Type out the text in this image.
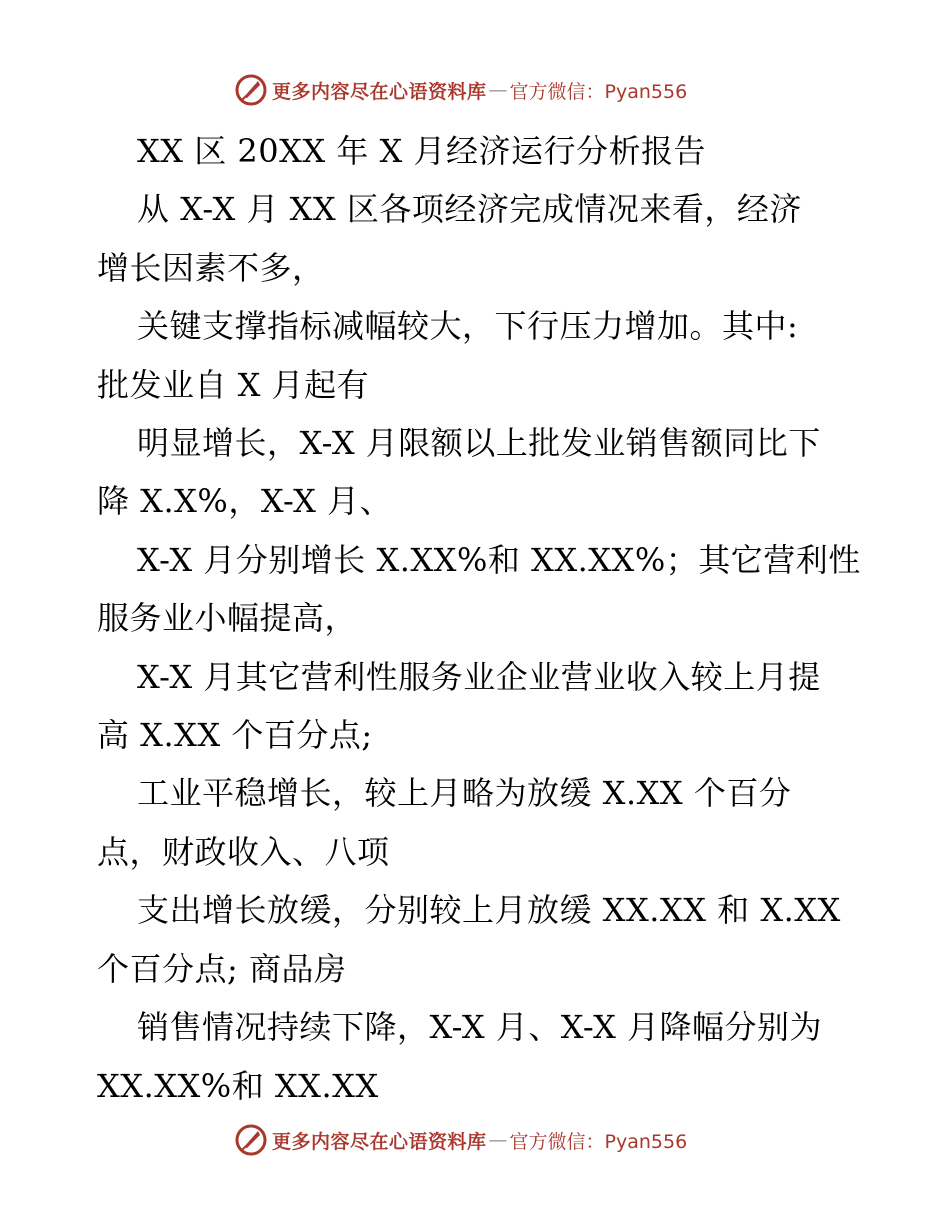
更多内容尽在心语资料库 — 官方微信：Pyan556
XX 区 20XX 年 X 月经济运行分析报告
从 X-X 月 XX 区各项经济完成情况来看，经济
增长因素不多，
关键支撑指标减幅较大，下行压力增加。其中:
批发业自 X 月起有
明显增长，X-X 月限额以上批发业销售额同比下
降 X.X%，X-X 月、
X-X 月分别增长 X.XX%和 XX.XX%；其它营利性
服务业小幅提高，
X-X 月其它营利性服务业企业营业收入较上月提
高 X.XX 个百分点;
工业平稳增长，较上月略为放缓 X.XX 个百分
点，财政收入、八项
支出增长放缓，分别较上月放缓 XX.XX 和 X.XX
个百分点; 商品房
销售情况持续下降，X-X 月、X-X 月降幅分别为
XX.XX%和 XX.XX
更多内容尽在心语资料库 — 官方微信：Pyan556
